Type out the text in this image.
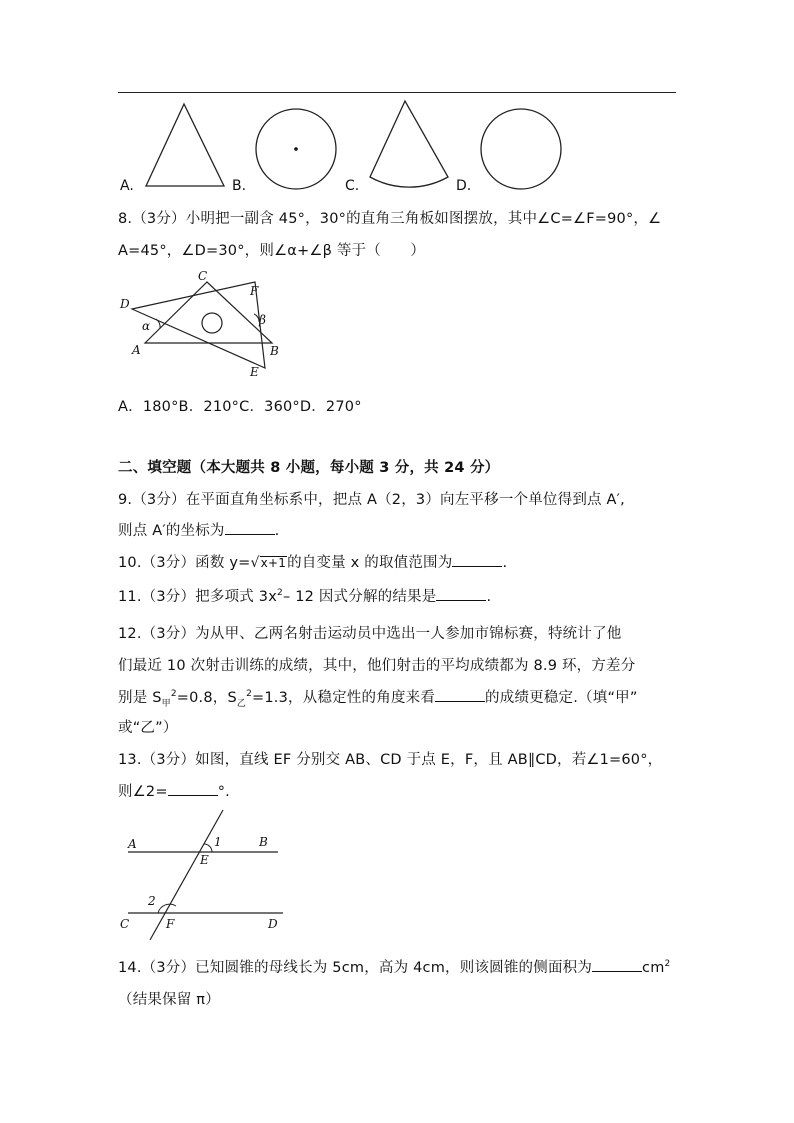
A.	B.	C.	D.
8.（3分）小明把一副含 45°，30°的直角三角板如图摆放，其中∠C=∠F=90°，∠
A=45°，∠D=30°，则∠α+∠β 等于（　　）
C
F
D
α	β
A	B
E
A．180°B．210°C．360°D．270°
二、填空题（本大题共 8 小题，每小题 3 分，共 24 分）
9.（3分）在平面直角坐标系中，把点 A（2，3）向左平移一个单位得到点 A′,
则点 A′的坐标为	.
10.（3分）函数 y=√x+1的自变量 x 的取值范围为	.
11.（3分）把多项式 $3x^2-$ 12 因式分解的结果是	.
12.（3分）为从甲、乙两名射击运动员中选出一人参加市锦标赛，特统计了他
们最近 10 次射击训练的成绩，其中，他们射击的平均成绩都为 8.9 环，方差分
别是 $S_甲^2=0.8$，$S_乙^2=1.3$，从稳定性的角度来看	的成绩更稳定.（填“甲”
或“乙”）
13.（3分）如图，直线 EF 分别交 AB、CD 于点 E，F，且 AB∥CD，若∠1=60°，
则∠2=	°.
A	1	B
E
2
C	F	D
14.（3分）已知圆锥的母线长为 5cm，高为 4cm，则该圆锥的侧面积为	$cm^2$
（结果保留 π）
